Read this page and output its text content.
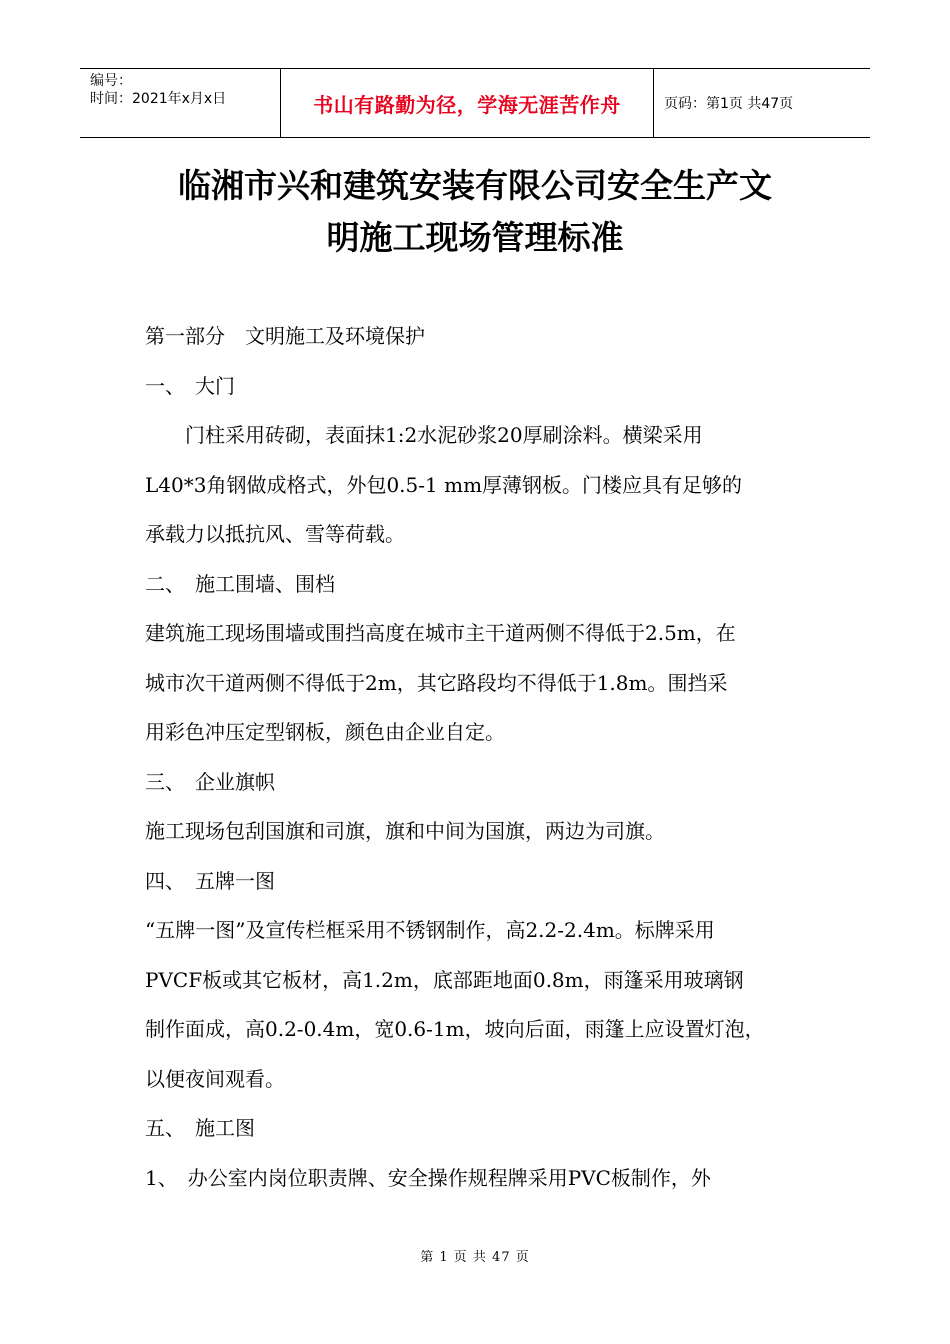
编号：
时间：2021年x月x日	书山有路勤为径，学海无涯苦作舟	页码：第1页 共47页
临湘市兴和建筑安装有限公司安全生产文
明施工现场管理标准

第一部分　文明施工及环境保护

一、　大门

　　门柱采用砖砌，表面抹1:2水泥砂浆20厚刷涂料。横梁采用

L40*3角钢做成格式，外包0.5-1 mm厚薄钢板。门楼应具有足够的

承载力以抵抗风、雪等荷载。

二、　施工围墙、围档

建筑施工现场围墙或围挡高度在城市主干道两侧不得低于2.5m，在

城市次干道两侧不得低于2m，其它路段均不得低于1.8m。围挡采

用彩色冲压定型钢板，颜色由企业自定。

三、　企业旗帜

施工现场包刮国旗和司旗，旗和中间为国旗，两边为司旗。

四、　五牌一图

“五牌一图”及宣传栏框采用不锈钢制作，高2.2-2.4m。标牌采用

PVCF板或其它板材，高1.2m，底部距地面0.8m，雨篷采用玻璃钢

制作面成，高0.2-0.4m，宽0.6-1m，坡向后面，雨篷上应设置灯泡，

以便夜间观看。

五、　施工图

1、　办公室内岗位职责牌、安全操作规程牌采用PVC板制作，外

第 1 页 共 47 页
